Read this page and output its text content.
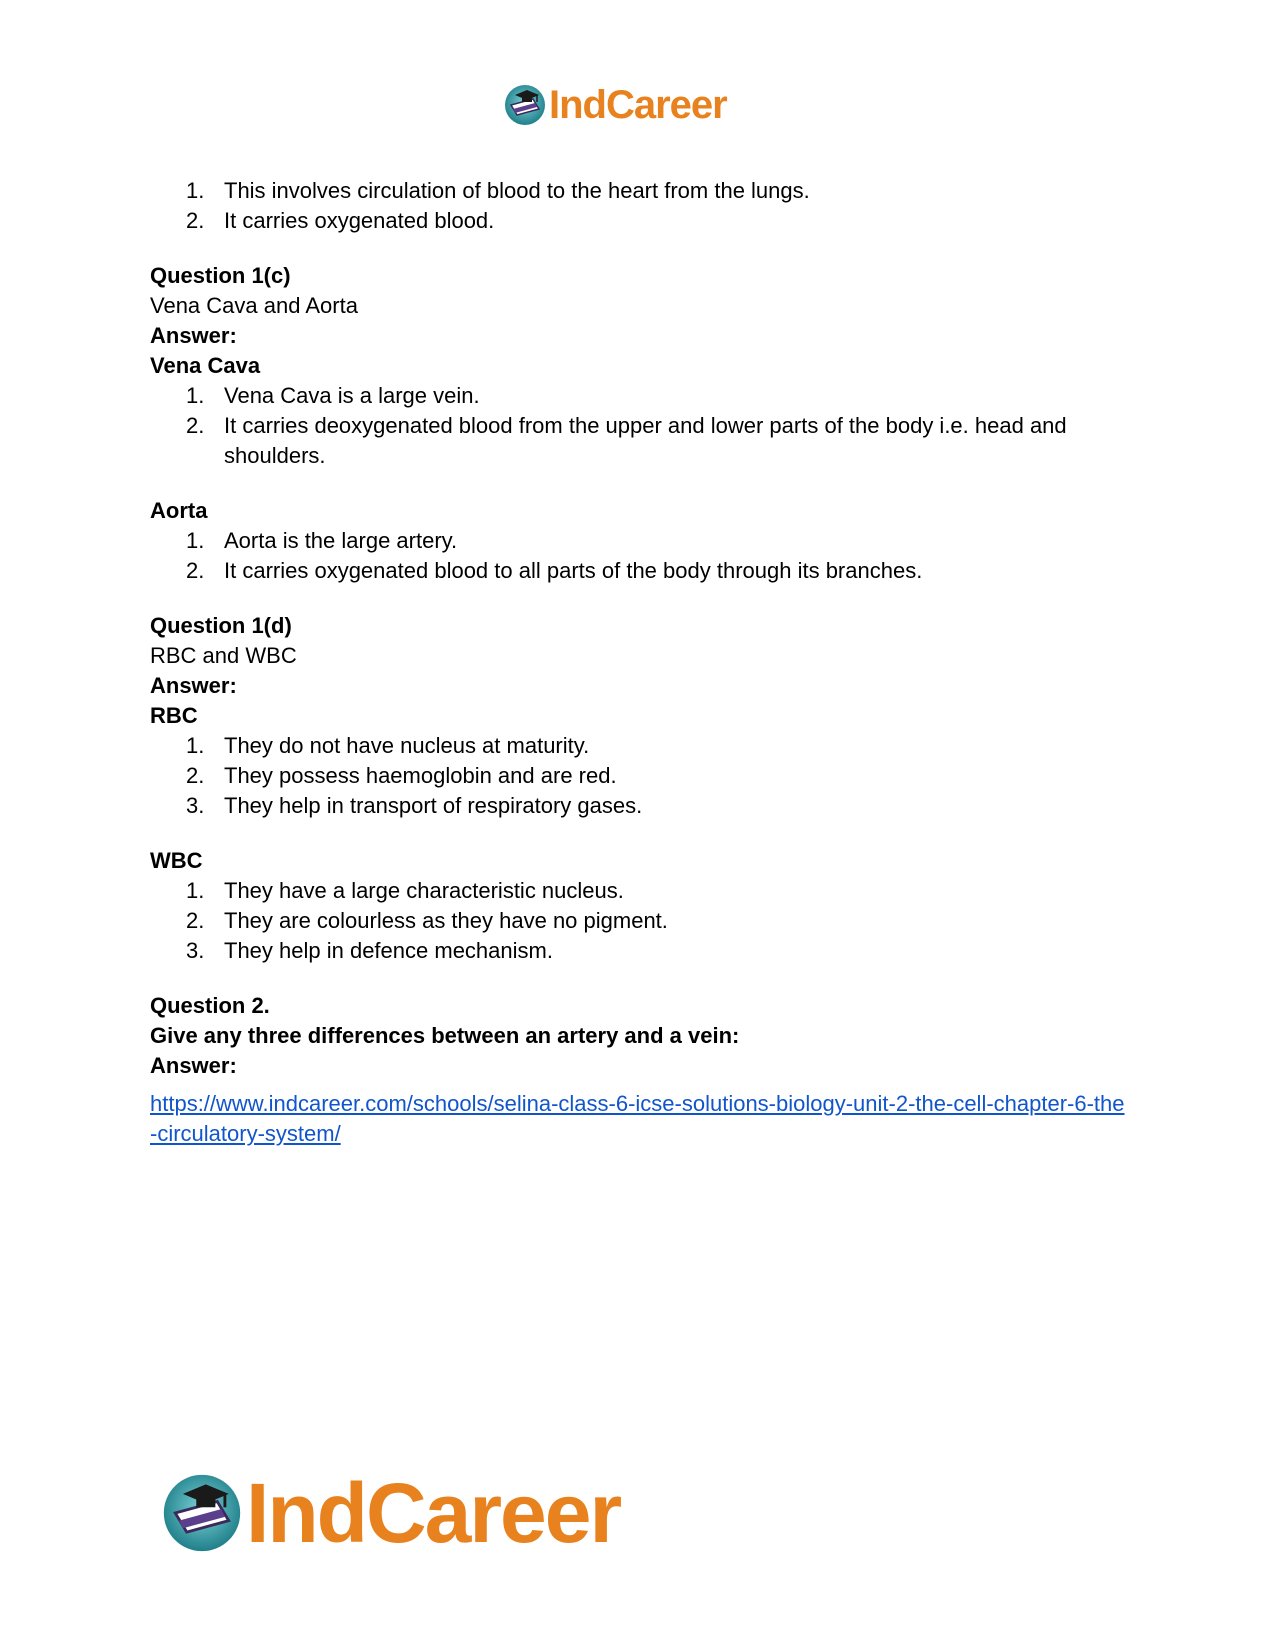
IndCareer
1. This involves circulation of blood to the heart from the lungs.
2. It carries oxygenated blood.

Question 1(c)

Vena Cava and Aorta

Answer:

Vena Cava

1. Vena Cava is a large vein.
2. It carries deoxygenated blood from the upper and lower parts of the body i.e. head and shoulders.

Aorta

1. Aorta is the large artery.
2. It carries oxygenated blood to all parts of the body through its branches.

Question 1(d)

RBC and WBC

Answer:

RBC

1. They do not have nucleus at maturity.
2. They possess haemoglobin and are red.
3. They help in transport of respiratory gases.

WBC

1. They have a large characteristic nucleus.
2. They are colourless as they have no pigment.
3. They help in defence mechanism.

Question 2.

Give any three differences between an artery and a vein:

Answer:

https://www.indcareer.com/schools/selina-class-6-icse-solutions-biology-unit-2-the-cell-chapter-6-the-circulatory-system/
IndCareer
